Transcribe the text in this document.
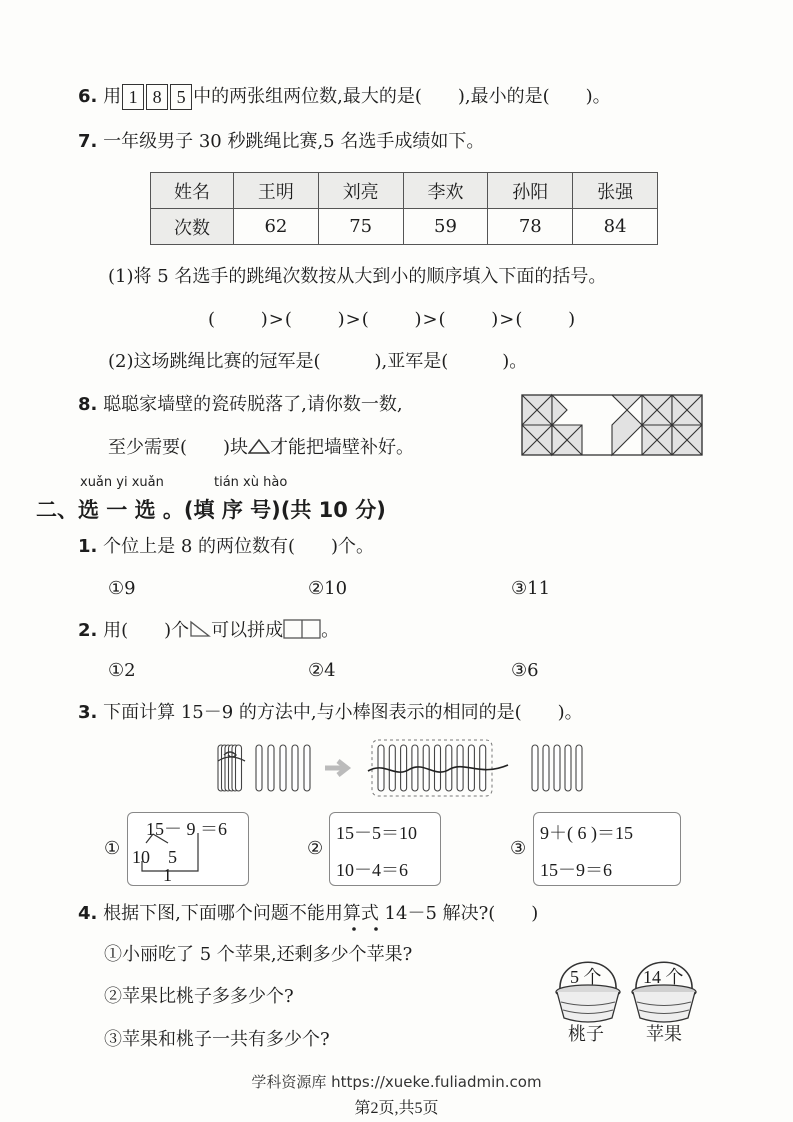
6. 用 1 8 5 中的两张组两位数,最大的是(　　),最小的是(　　)。
7. 一年级男子 30 秒跳绳比赛,5 名选手成绩如下。
姓名	王明	刘亮	李欢	孙阳	张强
次数	62	75	59	78	84
(1)将 5 名选手的跳绳次数按从大到小的顺序填入下面的括号。
(　　 )>(　　 )>(　　 )>(　　 )>(　　 )
(2)这场跳绳比赛的冠军是(　　　),亚军是(　　　)。
8. 聪聪家墙壁的瓷砖脱落了,请你数一数,
至少需要(　　)块 才能把墙壁补好。
xuǎn yi xuǎn	tián xù hào
二、选 一 选 。(填 序 号)(共 10 分)
1. 个位上是 8 的两位数有(　　)个。
①9	②10	③11
2. 用(　　)个 可以拼成 。
①2	②4	③6
3. 下面计算 15－9 的方法中,与小棒图表示的相同的是(　　)。
①
15－ 9 ＝6
10　5
1
②
15－5＝10
10－4＝6
③
9＋( 6 )＝15
15－9＝6
4. 根据下图,下面哪个问题不能用算式 14－5 解决?(　　)
①小丽吃了 5 个苹果,还剩多少个苹果?
②苹果比桃子多多少个?
③苹果和桃子一共有多少个?
5 个 14 个
桃子 苹果
学科资源库 https://xueke.fuliadmin.com
第2页,共5页
